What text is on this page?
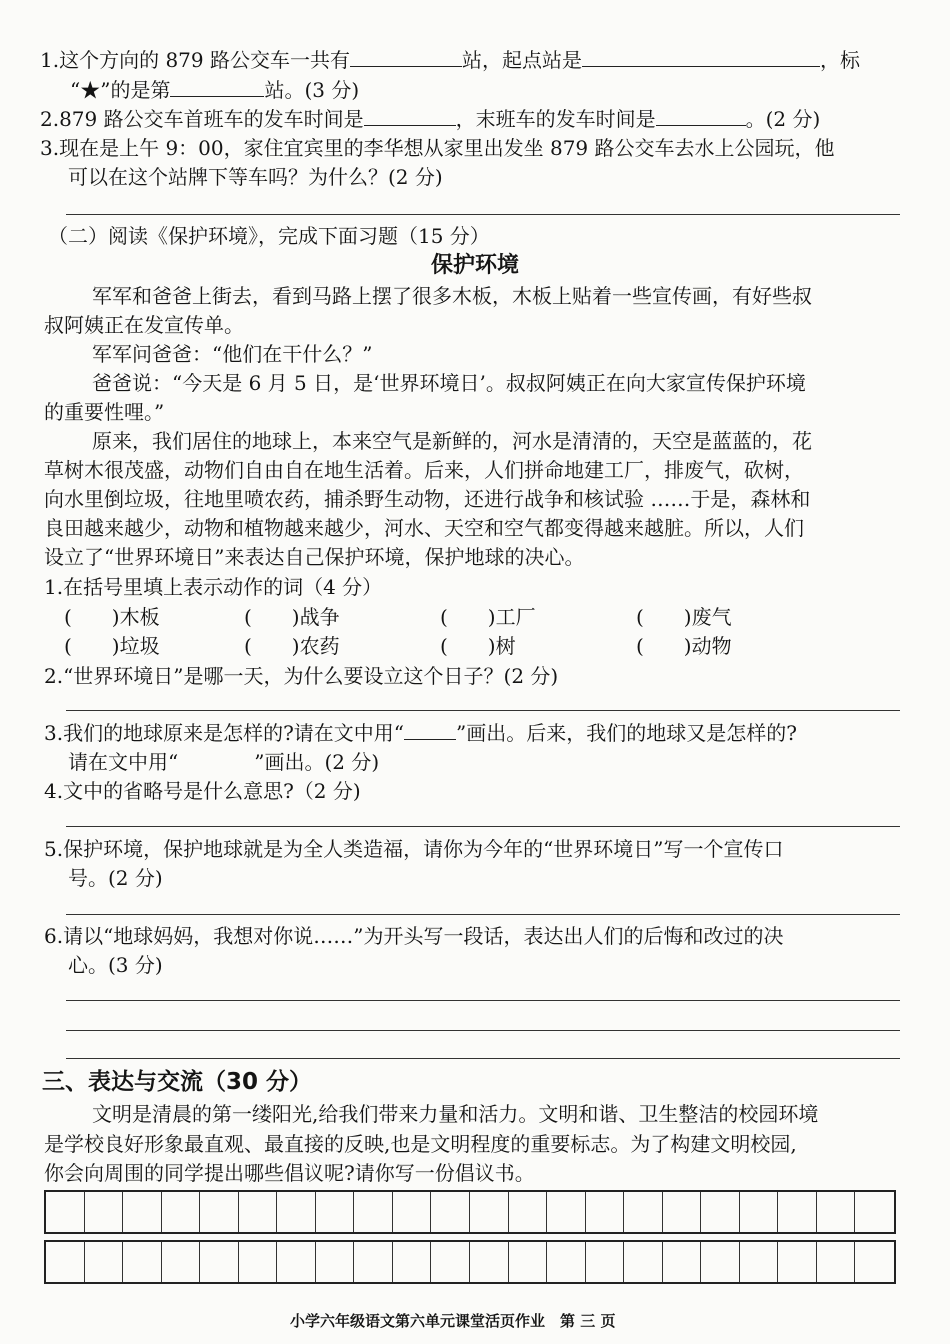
1.这个方向的 879 路公交车一共有	站，起点站是	，标
“★”的是第	站。(3 分)
2.879 路公交车首班车的发车时间是	，末班车的发车时间是	。(2 分)
3.现在是上午 9：00，家住宜宾里的李华想从家里出发坐 879 路公交车去水上公园玩，他
可以在这个站牌下等车吗？为什么？(2 分)
（二）阅读《保护环境》，完成下面习题（15 分）
保护环境
军军和爸爸上街去，看到马路上摆了很多木板，木板上贴着一些宣传画，有好些叔
叔阿姨正在发宣传单。
军军问爸爸：“他们在干什么？”
爸爸说：“今天是 6 月 5 日，是‘世界环境日’。叔叔阿姨正在向大家宣传保护环境
的重要性哩。”
原来，我们居住的地球上，本来空气是新鲜的，河水是清清的，天空是蓝蓝的，花
草树木很茂盛，动物们自由自在地生活着。后来，人们拼命地建工厂，排废气，砍树，
向水里倒垃圾，往地里喷农药，捕杀野生动物，还进行战争和核试验 ……于是，森林和
良田越来越少，动物和植物越来越少，河水、天空和空气都变得越来越脏。所以，人们
设立了“世界环境日”来表达自己保护环境，保护地球的决心。
1.在括号里填上表示动作的词（4 分）
(　　)木板	(　　)战争	(　　)工厂	(　　)废气
(　　)垃圾	(　　)农药	(　　)树	(　　)动物
2.“世界环境日”是哪一天，为什么要设立这个日子？(2 分)
3.我们的地球原来是怎样的?请在文中用“	”画出。后来，我们的地球又是怎样的?
请在文中用“	”画出。(2 分)
4.文中的省略号是什么意思?（2 分)
5.保护环境，保护地球就是为全人类造福，请你为今年的“世界环境日”写一个宣传口
号。(2 分)
6.请以“地球妈妈，我想对你说……”为开头写一段话，表达出人们的后悔和改过的决
心。(3 分)
三、表达与交流（30 分）
文明是清晨的第一缕阳光,给我们带来力量和活力。文明和谐、卫生整洁的校园环境
是学校良好形象最直观、最直接的反映,也是文明程度的重要标志。为了构建文明校园,
你会向周围的同学提出哪些倡议呢?请你写一份倡议书。
小学六年级语文第六单元课堂活页作业　第 三 页
